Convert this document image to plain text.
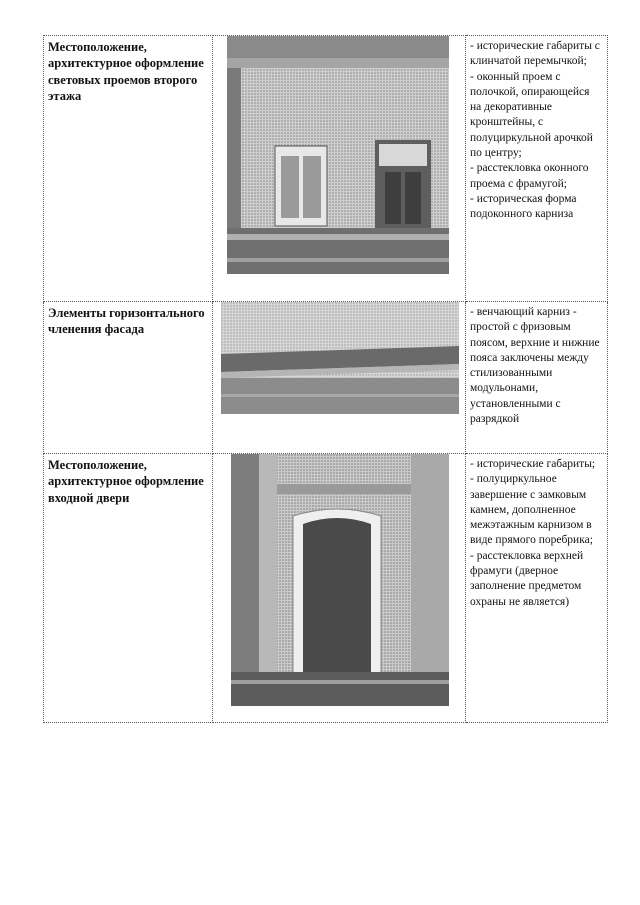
Местоположение, архитектурное оформление световых проемов второго этажа		- исторические габариты с клинчатой перемычкой;
- оконный проем с полочкой, опирающейся на декоративные кронштейны, с полуциркульной арочкой по центру;
- расстекловка оконного проема с фрамугой;
- историческая форма подоконного карниза

Элементы горизонтального членения фасада		- венчающий карниз - простой с фризовым поясом, верхние и нижние пояса заключены между стилизованными модульонами, установленными с разрядкой

Местоположение, архитектурное оформление входной двери		- исторические габариты;
- полуциркульное завершение с замковым камнем, дополненное межэтажным карнизом в виде прямого поребрика;
- расстекловка верхней фрамуги (дверное заполнение предметом охраны не является)
